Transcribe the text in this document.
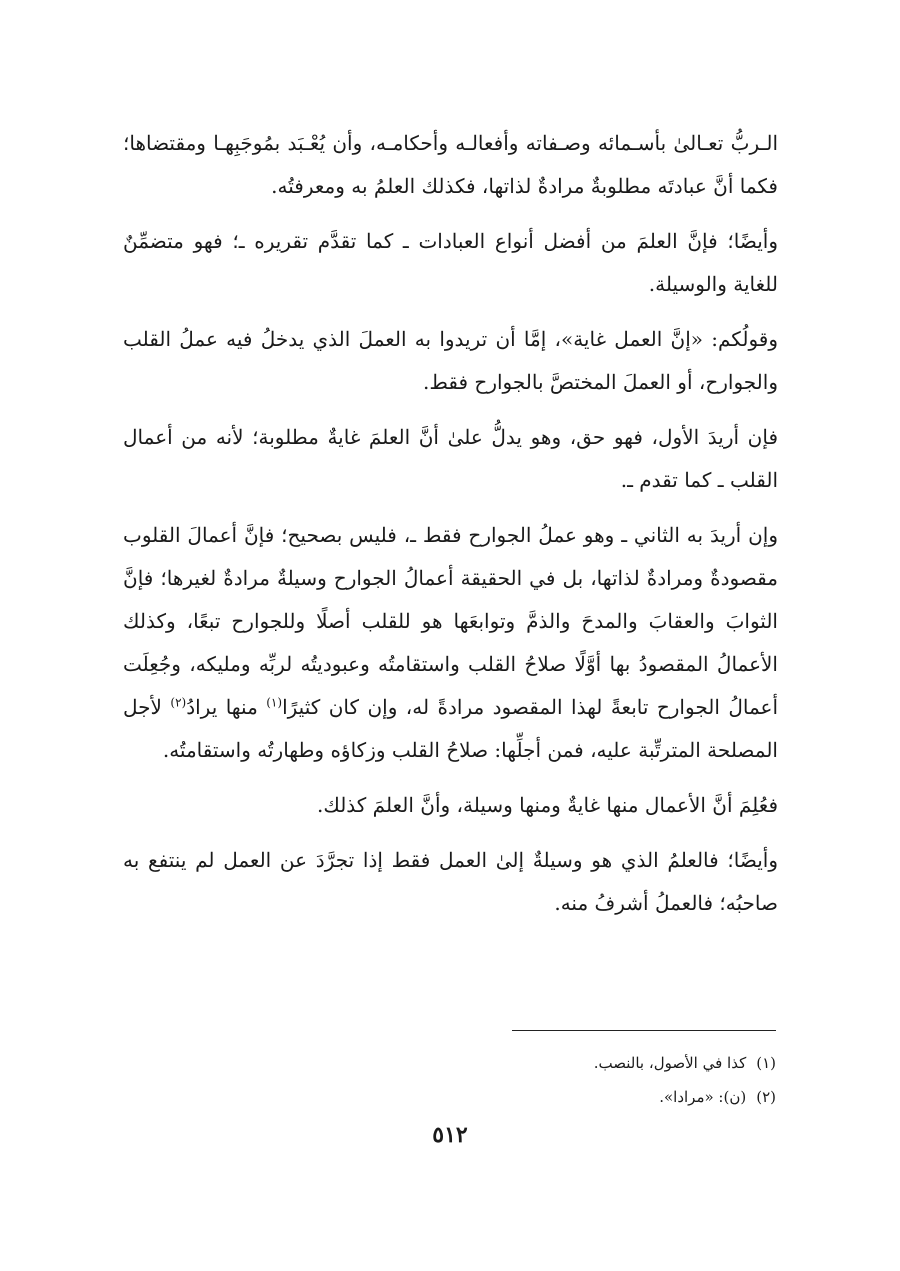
الـربُّ تعـالىٰ بأسـمائه وصـفاته وأفعالـه وأحكامـه، وأن يُعْـبَد بمُوجَبِهـا ومقتضاها؛ فكما أنَّ عبادتَه مطلوبةٌ مرادةٌ لذاتها، فكذلك العلمُ به ومعرفتُه.

وأيضًا؛ فإنَّ العلمَ من أفضل أنواع العبادات ـ كما تقدَّم تقريره ـ؛ فهو متضمِّنٌ للغاية والوسيلة.

وقولُكم: «إنَّ العمل غاية»، إمَّا أن تريدوا به العملَ الذي يدخلُ فيه عملُ القلب والجوارح، أو العملَ المختصَّ بالجوارح فقط.

فإن أريدَ الأول، فهو حق، وهو يدلُّ علىٰ أنَّ العلمَ غايةٌ مطلوبة؛ لأنه من أعمال القلب ـ كما تقدم ـ.

وإن أريدَ به الثاني ـ وهو عملُ الجوارح فقط ـ، فليس بصحيح؛ فإنَّ أعمالَ القلوب مقصودةٌ ومرادةٌ لذاتها، بل في الحقيقة أعمالُ الجوارح وسيلةٌ مرادةٌ لغيرها؛ فإنَّ الثوابَ والعقابَ والمدحَ والذمَّ وتوابعَها هو للقلب أصلًا وللجوارح تبعًا، وكذلك الأعمالُ المقصودُ بها أوَّلًا صلاحُ القلب واستقامتُه وعبوديتُه لربِّه ومليكه، وجُعِلَت أعمالُ الجوارح تابعةً لهذا المقصود مرادةً له، وإن كان كثيرًا$^{(١)}$ منها يرادُ$^{(٢)}$ لأجل المصلحة المترتِّبة عليه، فمن أجلِّها: صلاحُ القلب وزكاؤه وطهارتُه واستقامتُه.

فعُلِمَ أنَّ الأعمال منها غايةٌ ومنها وسيلة، وأنَّ العلمَ كذلك.

وأيضًا؛ فالعلمُ الذي هو وسيلةٌ إلىٰ العمل فقط إذا تجرَّدَ عن العمل لم ينتفع به صاحبُه؛ فالعملُ أشرفُ منه.

(١)كذا في الأصول، بالنصب.

(٢)(ن): «مرادا».

٥١٢
